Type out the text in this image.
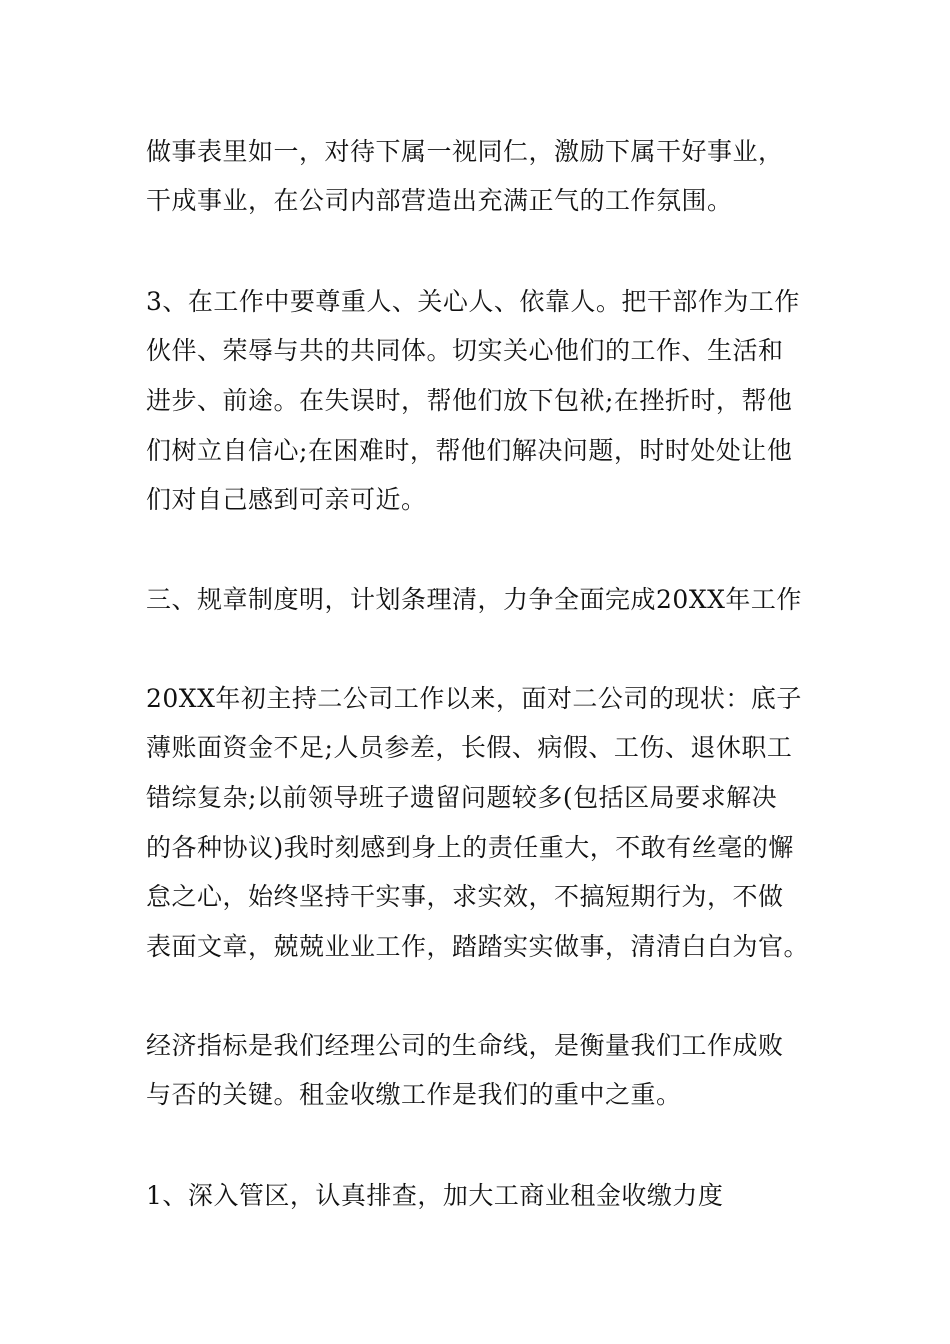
做事表里如一，对待下属一视同仁，激励下属干好事业，
干成事业，在公司内部营造出充满正气的工作氛围。
3、在工作中要尊重人、关心人、依靠人。把干部作为工作
伙伴、荣辱与共的共同体。切实关心他们的工作、生活和
进步、前途。在失误时，帮他们放下包袱;在挫折时，帮他
们树立自信心;在困难时，帮他们解决问题，时时处处让他
们对自己感到可亲可近。
三、规章制度明，计划条理清，力争全面完成20XX年工作
20XX年初主持二公司工作以来，面对二公司的现状：底子
薄账面资金不足;人员参差，长假、病假、工伤、退休职工
错综复杂;以前领导班子遗留问题较多(包括区局要求解决
的各种协议)我时刻感到身上的责任重大，不敢有丝毫的懈
怠之心，始终坚持干实事，求实效，不搞短期行为，不做
表面文章，兢兢业业工作，踏踏实实做事，清清白白为官。
经济指标是我们经理公司的生命线，是衡量我们工作成败
与否的关键。租金收缴工作是我们的重中之重。
1、深入管区，认真排查，加大工商业租金收缴力度
